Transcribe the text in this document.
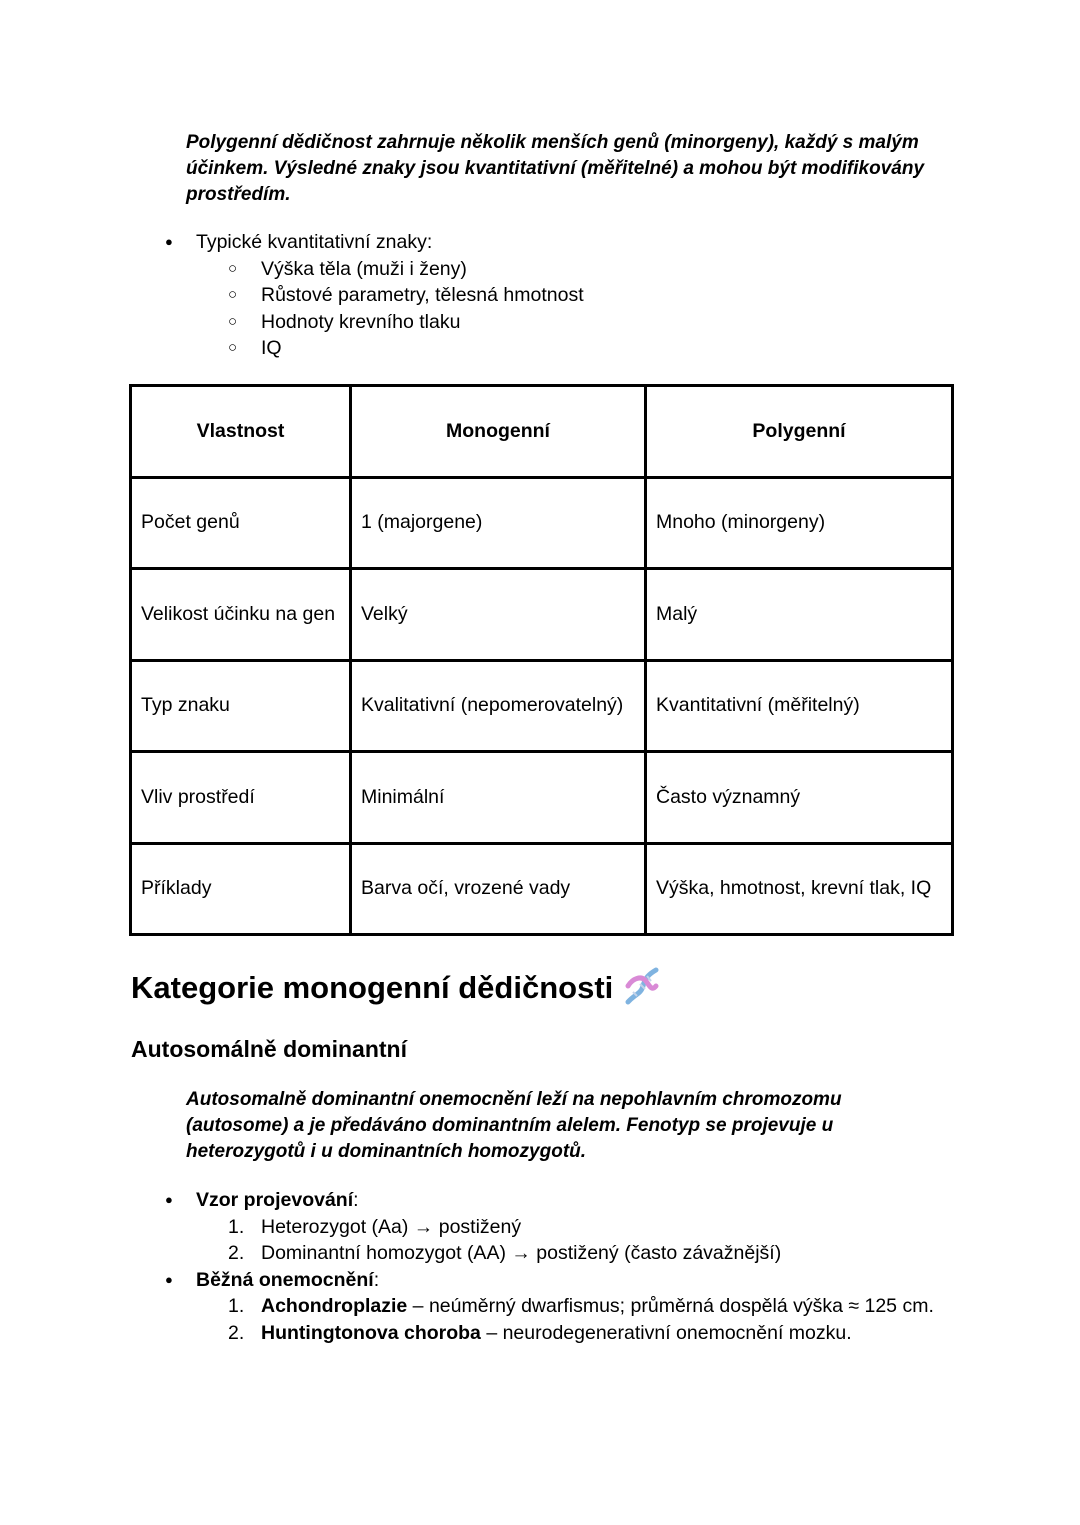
Polygenní dědičnost zahrnuje několik menších genů (minorgeny), každý s malým účinkem. Výsledné znaky jsou kvantitativní (měřitelné) a mohou být modifikovány prostředím.
● Typické kvantitativní znaky:
○ Výška těla (muži i ženy)
○ Růstové parametry, tělesná hmotnost
○ Hodnoty krevního tlaku
○ IQ
Vlastnost	Monogenní	Polygenní
Počet genů	1 (majorgene)	Mnoho (minorgeny)
Velikost účinku na gen	Velký	Malý
Typ znaku	Kvalitativní (nepomerovatelný)	Kvantitativní (měřitelný)
Vliv prostředí	Minimální	Často významný
Příklady	Barva očí, vrozené vady	Výška, hmotnost, krevní tlak, IQ
Kategorie monogenní dědičnosti
Autosomálně dominantní
Autosomalně dominantní onemocnění leží na nepohlavním chromozomu (autosome) a je předáváno dominantním alelem. Fenotyp se projevuje u heterozygotů i u dominantních homozygotů.
● Vzor projevování:
1. Heterozygot (Aa) → postižený
2. Dominantní homozygot (AA) → postižený (často závažnější)
● Běžná onemocnění:
1. Achondroplazie – neúměrný dwarfismus; průměrná dospělá výška ≈ 125 cm.
2. Huntingtonova choroba – neurodegenerativní onemocnění mozku.
